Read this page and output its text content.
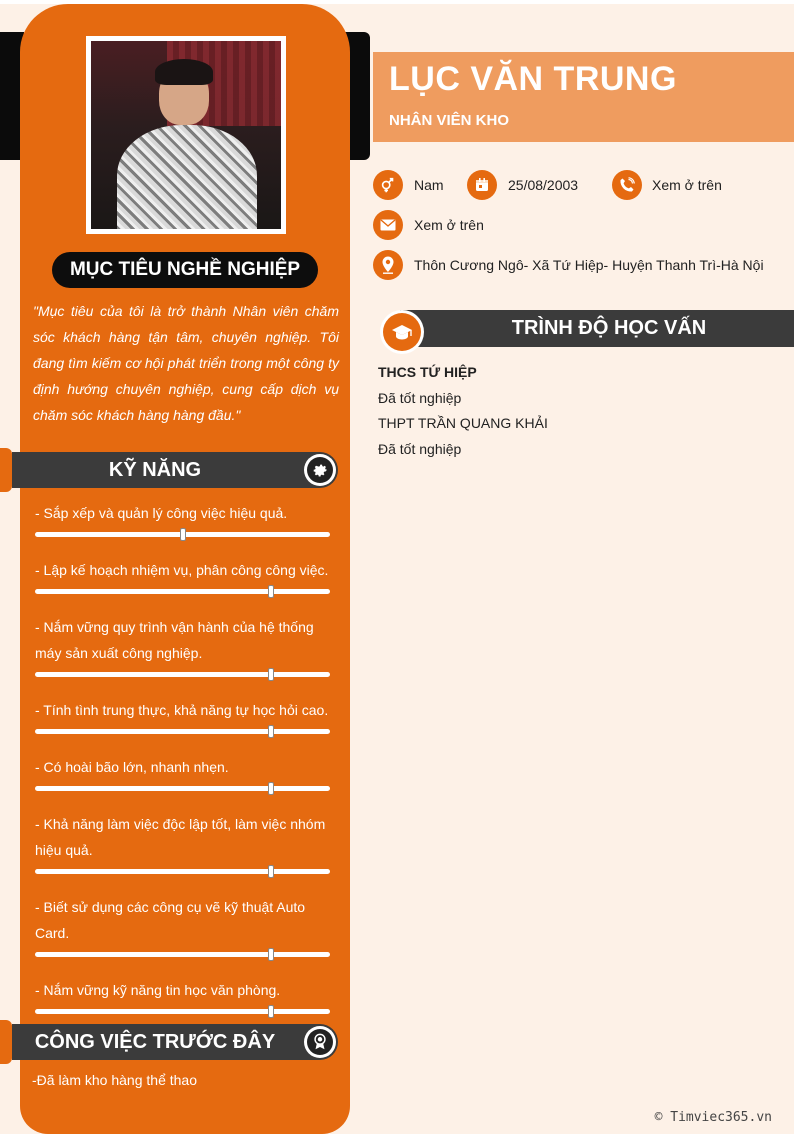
MỤC TIÊU NGHỀ NGHIỆP
"Mục tiêu của tôi là trở thành Nhân viên chăm sóc khách hàng tận tâm, chuyên nghiệp. Tôi đang tìm kiếm cơ hội phát triển trong một công ty định hướng chuyên nghiệp, cung cấp dịch vụ chăm sóc khách hàng hàng đầu."
KỸ NĂNG
- Sắp xếp và quản lý công việc hiệu quả.
- Lập kế hoạch nhiệm vụ, phân công công việc.
- Nắm vững quy trình vận hành của hệ thống máy sản xuất công nghiệp.
- Tính tình trung thực, khả năng tự học hỏi cao.
- Có hoài bão lớn, nhanh nhẹn.
- Khả năng làm việc độc lập tốt, làm việc nhóm hiệu quả.
- Biết sử dụng các công cụ vẽ kỹ thuật Auto Card.
- Nắm vững kỹ năng tin học văn phòng.
CÔNG VIỆC TRƯỚC ĐÂY
-Đã làm kho hàng thể thao
LỤC VĂN TRUNG
NHÂN VIÊN KHO
Nam	25/08/2003	Xem ở trên
Xem ở trên
Thôn Cương Ngô- Xã Tứ Hiệp- Huyện Thanh Trì-Hà Nội
TRÌNH ĐỘ HỌC VẤN
THCS TỨ HIỆP
Đã tốt nghiệp
THPT TRẦN QUANG KHẢI
Đã tốt nghiệp
© Timviec365.vn
